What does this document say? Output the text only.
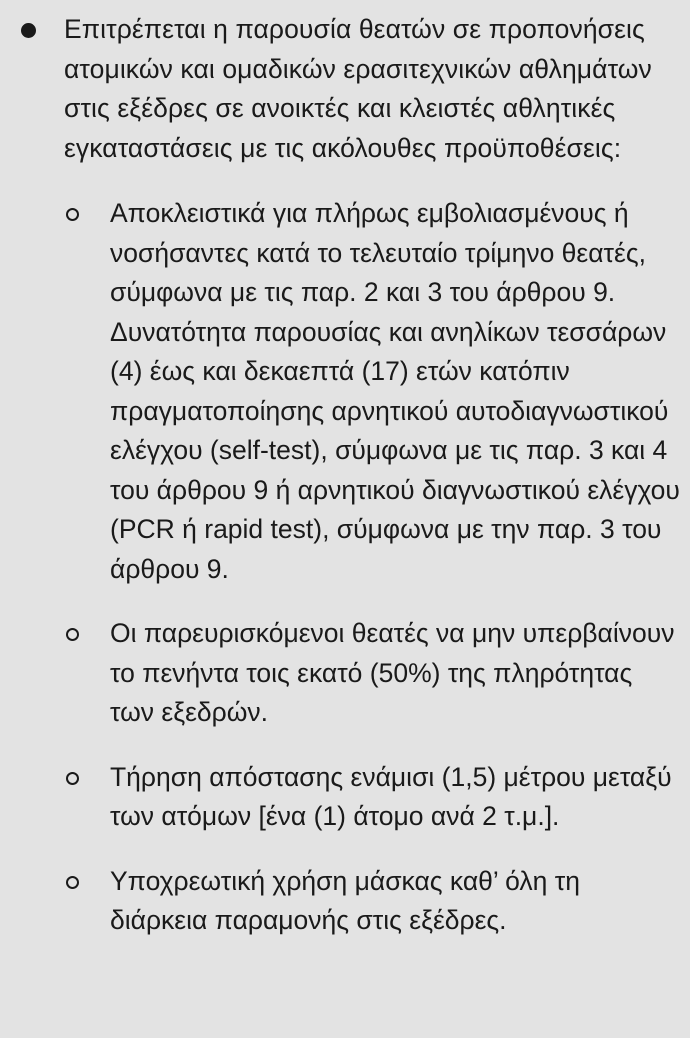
Επιτρέπεται η παρουσία θεατών σε προπονήσεις ατομικών και ομαδικών ερασιτεχνικών αθλημάτων στις εξέδρες σε ανοικτές και κλειστές αθλητικές εγκαταστάσεις με τις ακόλουθες προϋποθέσεις:
Αποκλειστικά για πλήρως εμβολιασμένους ή νοσήσαντες κατά το τελευταίο τρίμηνο θεατές, σύμφωνα με τις παρ. 2 και 3 του άρθρου 9. Δυνατότητα παρουσίας και ανηλίκων τεσσάρων (4) έως και δεκαεπτά (17) ετών κατόπιν πραγματοποίησης αρνητικού αυτοδιαγνωστικού ελέγχου (self-test), σύμφωνα με τις παρ. 3 και 4 του άρθρου 9 ή αρνητικού διαγνωστικού ελέγχου (PCR ή rapid test), σύμφωνα με την παρ. 3 του άρθρου 9.
Οι παρευρισκόμενοι θεατές να μην υπερβαίνουν το πενήντα τοις εκατό (50%) της πληρότητας των εξεδρών.
Τήρηση απόστασης ενάμισι (1,5) μέτρου μεταξύ των ατόμων [ένα (1) άτομο ανά 2 τ.μ.].
Υποχρεωτική χρήση μάσκας καθ’ όλη τη διάρκεια παραμονής στις εξέδρες.
